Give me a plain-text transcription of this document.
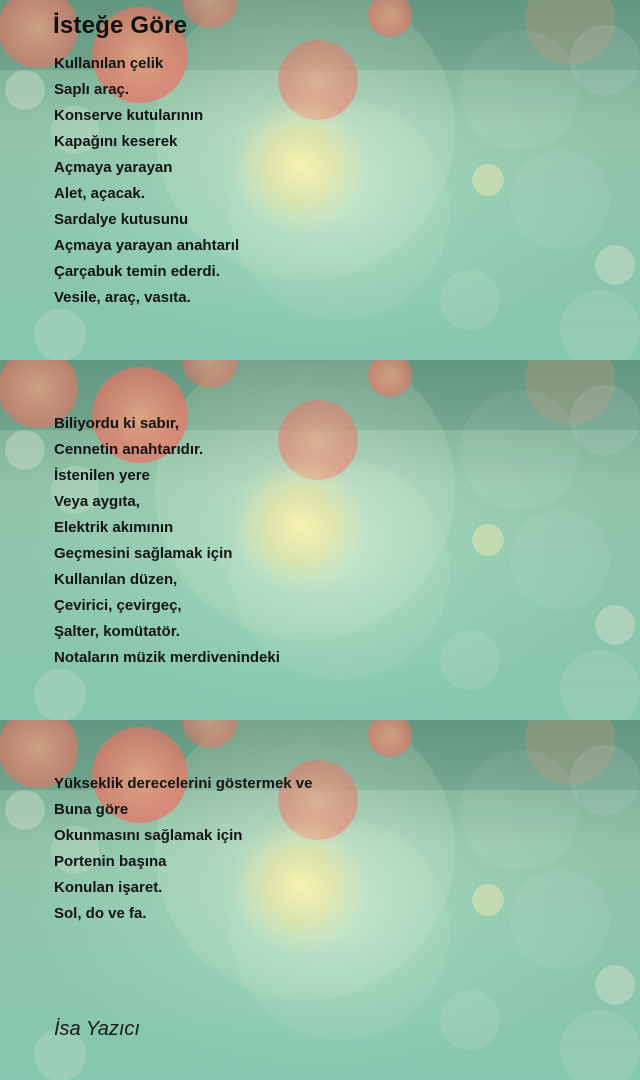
İsteğe Göre
Kullanılan çelik
Saplı araç.
Konserve kutularının
Kapağını keserek
Açmaya yarayan
Alet, açacak.
Sardalye kutusunu
Açmaya yarayan anahtarıl
Çarçabuk temin ederdi.
Vesile, araç, vasıta.
Biliyordu ki sabır,
Cennetin anahtarıdır.
İstenilen yere
Veya aygıta,
Elektrik akımının
Geçmesini sağlamak için
Kullanılan düzen,
Çevirici, çevirgeç,
Şalter, komütatör.
Notaların müzik merdivenindeki
Yükseklik derecelerini göstermek ve
Buna göre
Okunmasını sağlamak için
Portenin başına
Konulan işaret.
Sol, do ve fa.
İsa Yazıcı
